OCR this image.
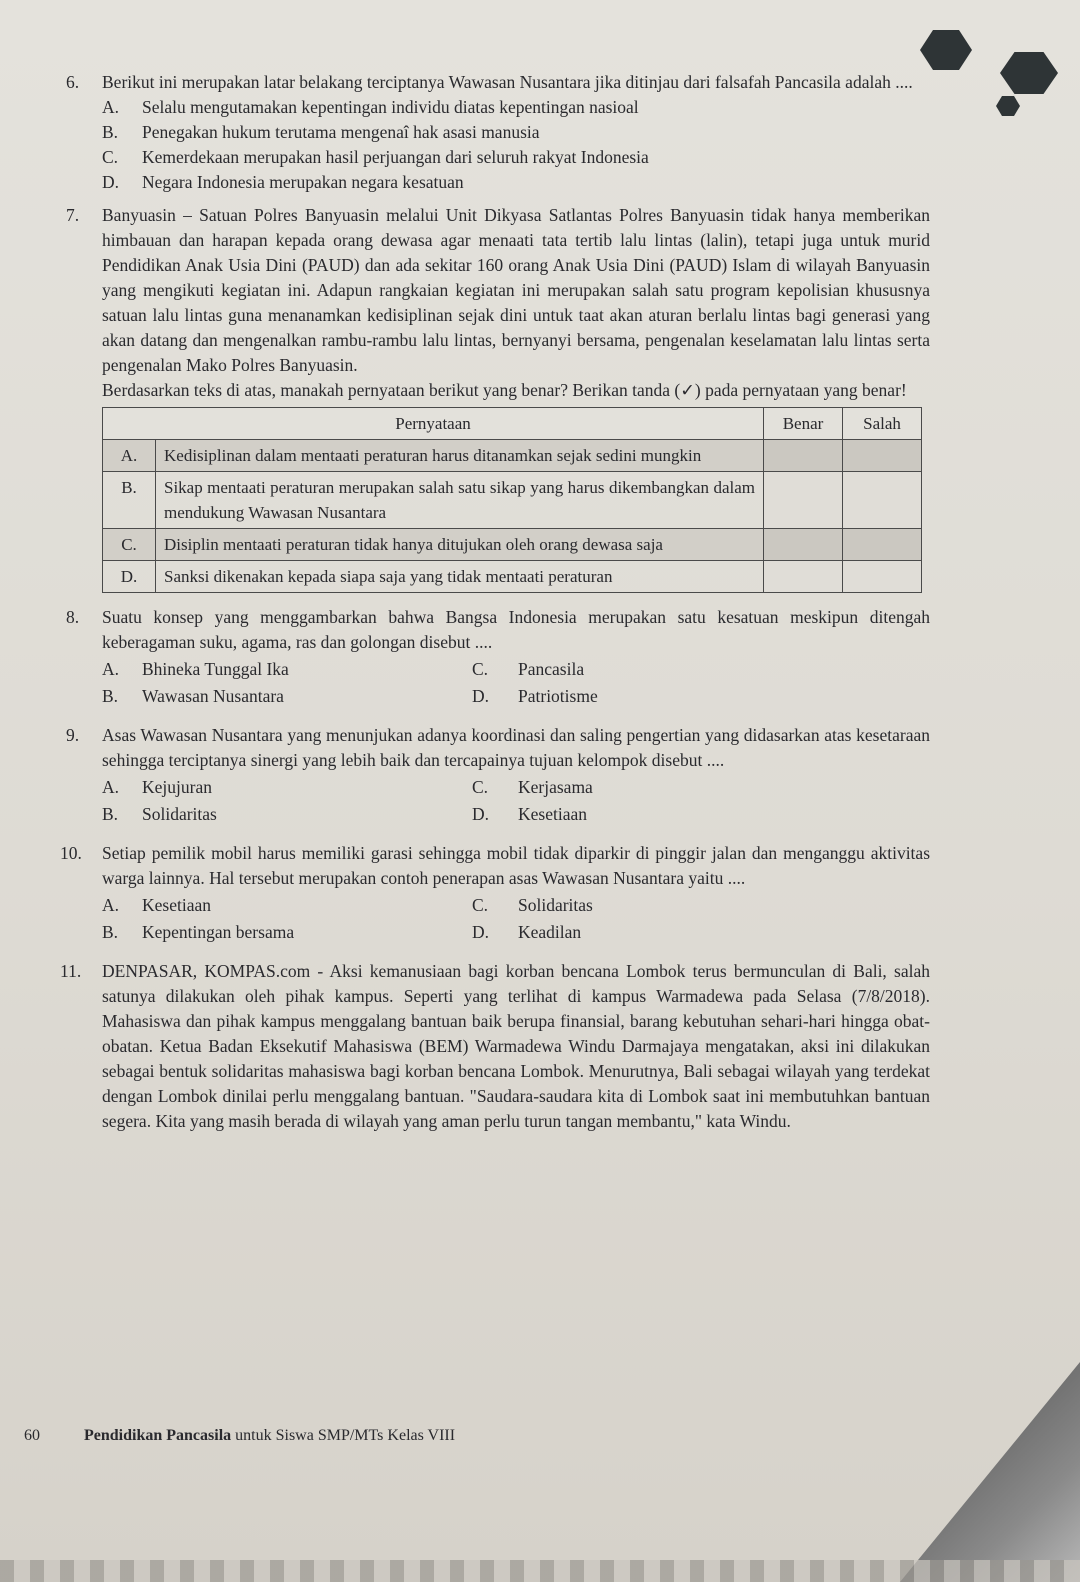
6. Berikut ini merupakan latar belakang terciptanya Wawasan Nusantara jika ditinjau dari falsafah Pancasila adalah ....

A. Selalu mengutamakan kepentingan individu diatas kepentingan nasioal

B. Penegakan hukum terutama mengenaî hak asasi manusia

C. Kemerdekaan merupakan hasil perjuangan dari seluruh rakyat Indonesia

D. Negara Indonesia merupakan negara kesatuan

7. Banyuasin – Satuan Polres Banyuasin melalui Unit Dikyasa Satlantas Polres Banyuasin tidak hanya memberikan himbauan dan harapan kepada orang dewasa agar menaati tata tertib lalu lintas (lalin), tetapi juga untuk murid Pendidikan Anak Usia Dini (PAUD) dan ada sekitar 160 orang Anak Usia Dini (PAUD) Islam di wilayah Banyuasin yang mengikuti kegiatan ini. Adapun rangkaian kegiatan ini merupakan salah satu program kepolisian khususnya satuan lalu lintas guna menanamkan kedisiplinan sejak dini untuk taat akan aturan berlalu lintas bagi generasi yang akan datang dan mengenalkan rambu-rambu lalu lintas, bernyanyi bersama, pengenalan keselamatan lalu lintas serta pengenalan Mako Polres Banyuasin.

Berdasarkan teks di atas, manakah pernyataan berikut yang benar? Berikan tanda (✓) pada pernyataan yang benar!

Pernyataan		Benar	Salah
A.	Kedisiplinan dalam mentaati peraturan harus ditanamkan sejak sedini mungkin		
B.	Sikap mentaati peraturan merupakan salah satu sikap yang harus dikembangkan dalam mendukung Wawasan Nusantara		
C.	Disiplin mentaati peraturan tidak hanya ditujukan oleh orang dewasa saja		
D.	Sanksi dikenakan kepada siapa saja yang tidak mentaati peraturan		
8. Suatu konsep yang menggambarkan bahwa Bangsa Indonesia merupakan satu kesatuan meskipun ditengah keberagaman suku, agama, ras dan golongan disebut ....

A. Bhineka Tunggal Ika	C. Pancasila

B. Wawasan Nusantara	D. Patriotisme

9. Asas Wawasan Nusantara yang menunjukan adanya koordinasi dan saling pengertian yang didasarkan atas kesetaraan sehingga terciptanya sinergi yang lebih baik dan tercapainya tujuan kelompok disebut ....

A. Kejujuran	C. Kerjasama

B. Solidaritas	D. Kesetiaan

10. Setiap pemilik mobil harus memiliki garasi sehingga mobil tidak diparkir di pinggir jalan dan menganggu aktivitas warga lainnya. Hal tersebut merupakan contoh penerapan asas Wawasan Nusantara yaitu ....

A. Kesetiaan	C. Solidaritas

B. Kepentingan bersama	D. Keadilan

11. DENPASAR, KOMPAS.com - Aksi kemanusiaan bagi korban bencana Lombok terus bermunculan di Bali, salah satunya dilakukan oleh pihak kampus. Seperti yang terlihat di kampus Warmadewa pada Selasa (7/8/2018). Mahasiswa dan pihak kampus menggalang bantuan baik berupa finansial, barang kebutuhan sehari-hari hingga obat-obatan. Ketua Badan Eksekutif Mahasiswa (BEM) Warmadewa Windu Darmajaya mengatakan, aksi ini dilakukan sebagai bentuk solidaritas mahasiswa bagi korban bencana Lombok. Menurutnya, Bali sebagai wilayah yang terdekat dengan Lombok dinilai perlu menggalang bantuan. "Saudara-saudara kita di Lombok saat ini membutuhkan bantuan segera. Kita yang masih berada di wilayah yang aman perlu turun tangan membantu," kata Windu.

60	Pendidikan Pancasila untuk Siswa SMP/MTs Kelas VIII
